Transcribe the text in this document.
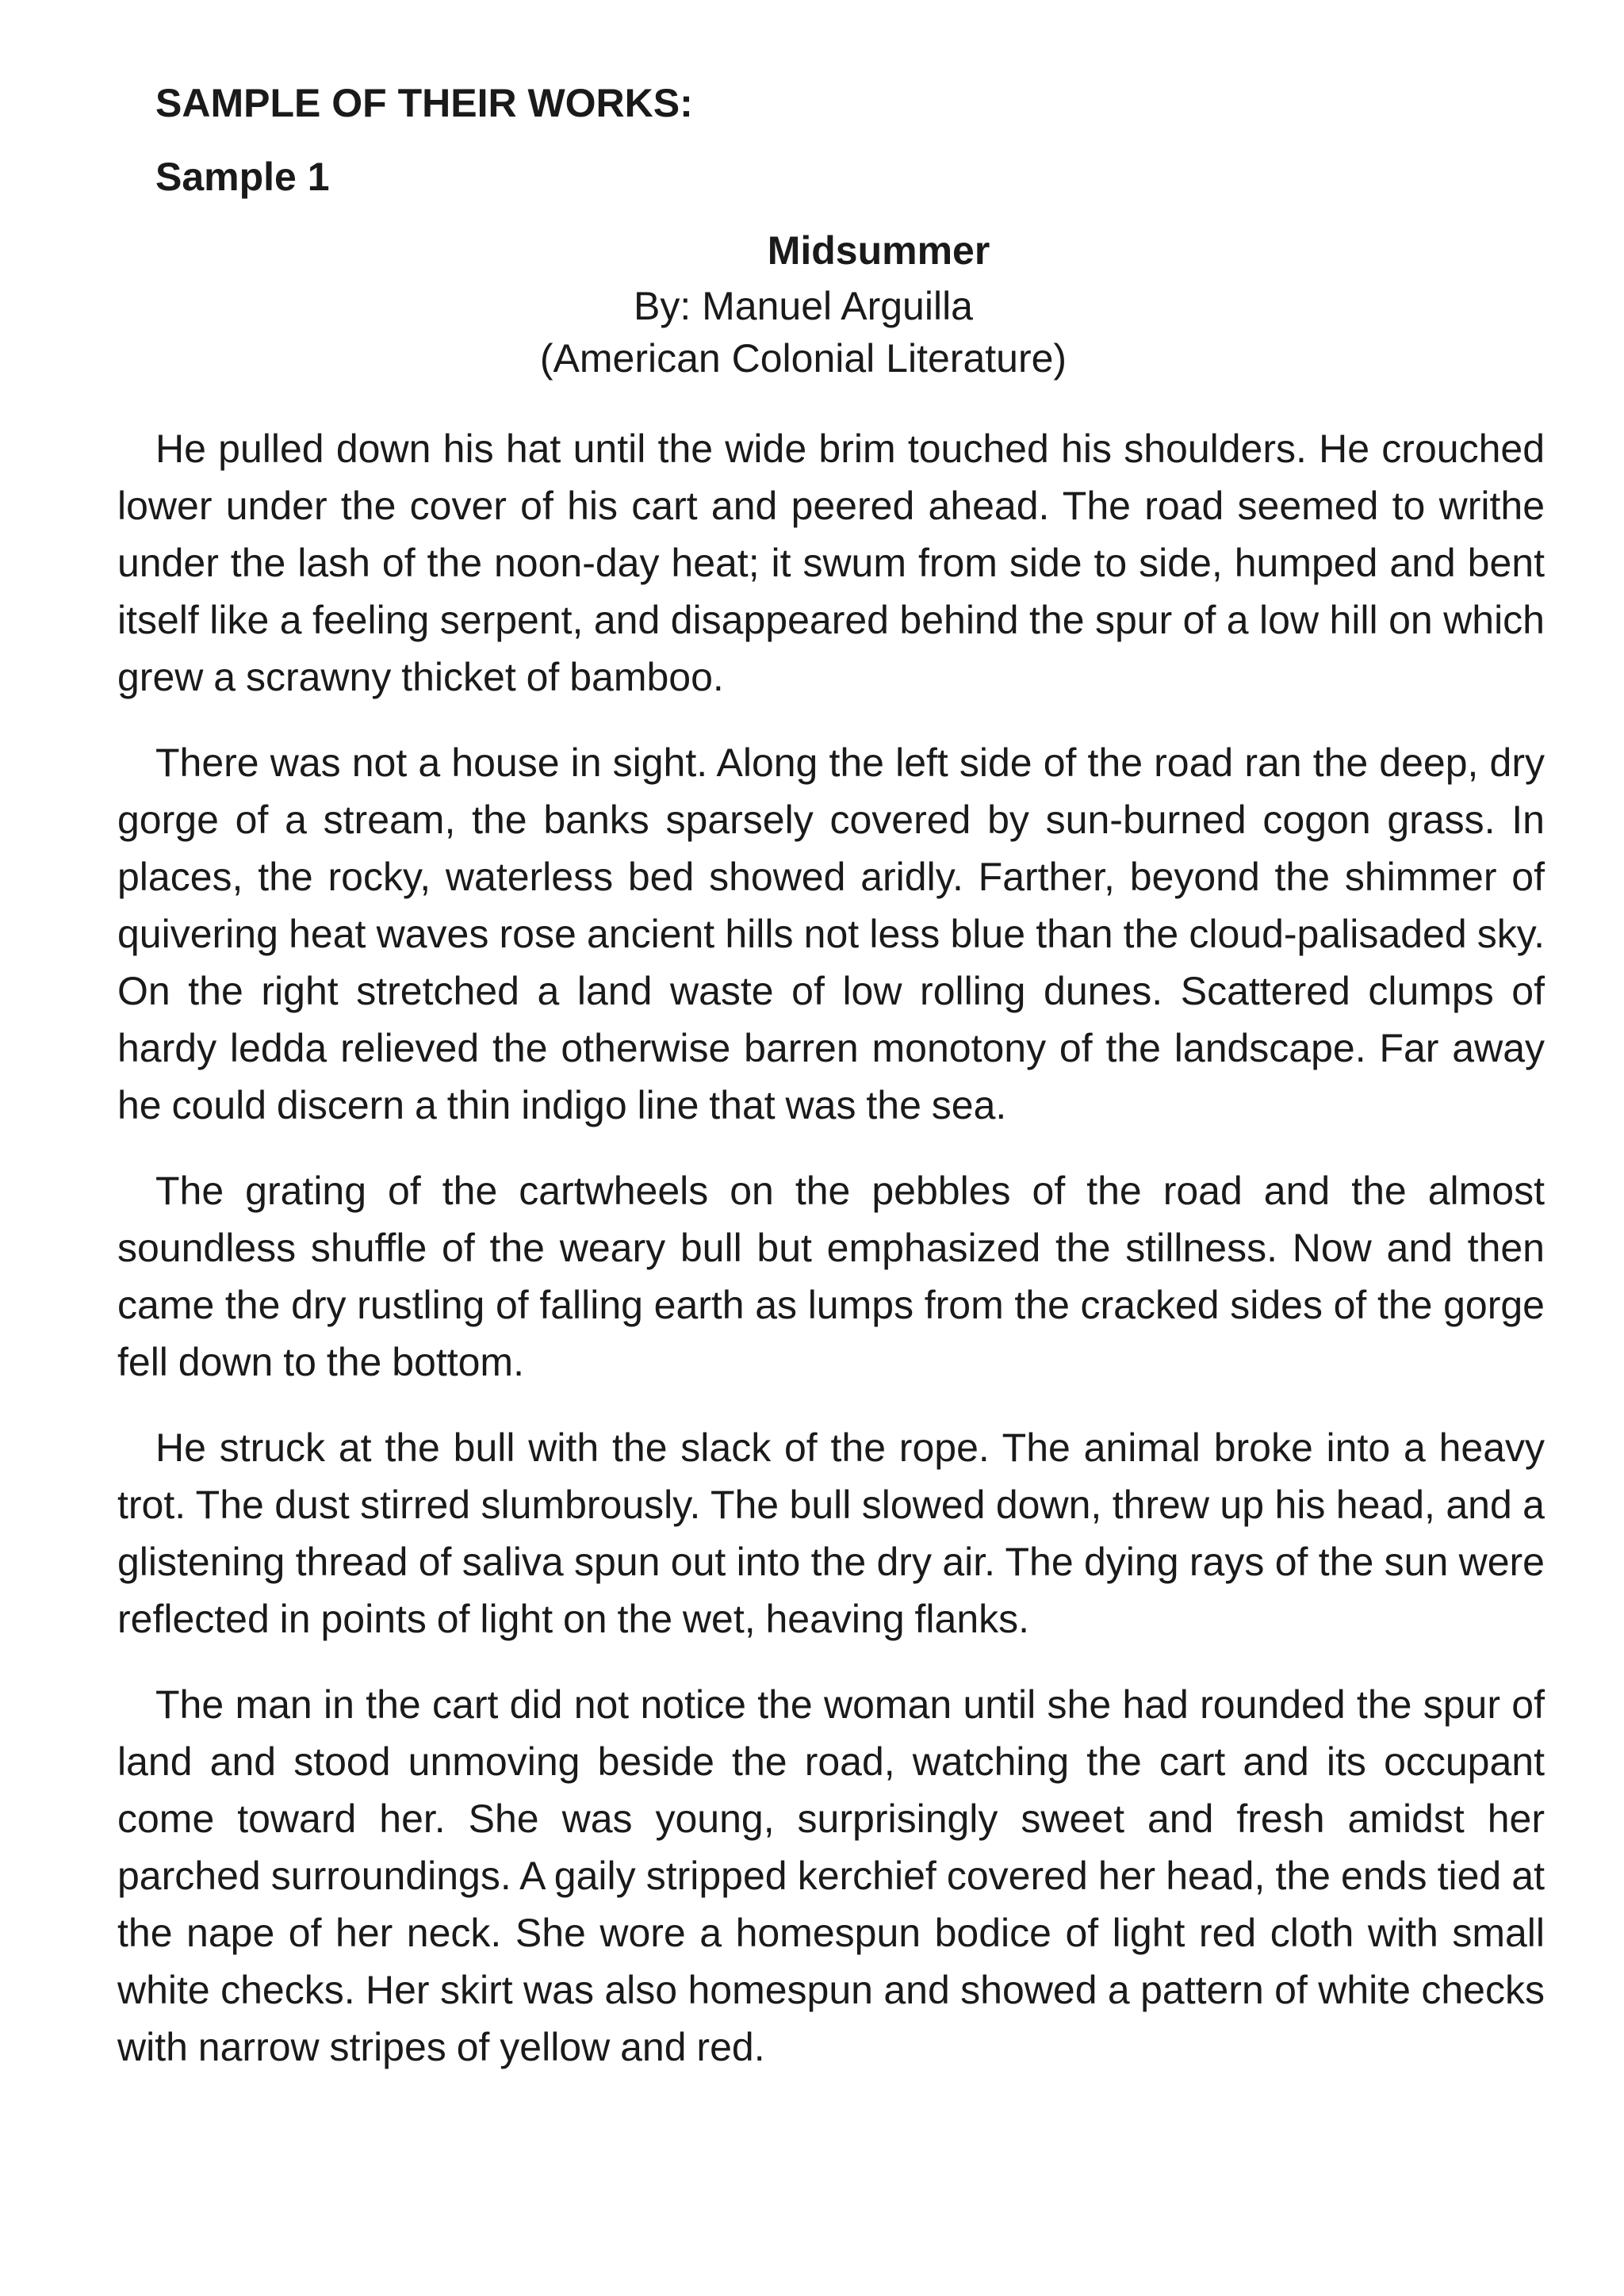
SAMPLE OF THEIR WORKS:
Sample 1
Midsummer
By: Manuel Arguilla
(American Colonial Literature)

He pulled down his hat until the wide brim touched his shoulders. He crouched lower under the cover of his cart and peered ahead. The road seemed to writhe under the lash of the noon-day heat; it swum from side to side, humped and bent itself like a feeling serpent, and disappeared behind the spur of a low hill on which grew a scrawny thicket of bamboo.

There was not a house in sight. Along the left side of the road ran the deep, dry gorge of a stream, the banks sparsely covered by sun-burned cogon grass. In places, the rocky, waterless bed showed aridly. Farther, beyond the shimmer of quivering heat waves rose ancient hills not less blue than the cloud-palisaded sky. On the right stretched a land waste of low rolling dunes. Scattered clumps of hardy ledda relieved the otherwise barren monotony of the landscape. Far away he could discern a thin indigo line that was the sea.

The grating of the cartwheels on the pebbles of the road and the almost soundless shuffle of the weary bull but emphasized the stillness. Now and then came the dry rustling of falling earth as lumps from the cracked sides of the gorge fell down to the bottom.

He struck at the bull with the slack of the rope. The animal broke into a heavy trot. The dust stirred slumbrously. The bull slowed down, threw up his head, and a glistening thread of saliva spun out into the dry air. The dying rays of the sun were reflected in points of light on the wet, heaving flanks.

The man in the cart did not notice the woman until she had rounded the spur of land and stood unmoving beside the road, watching the cart and its occupant come toward her. She was young, surprisingly sweet and fresh amidst her parched surroundings. A gaily stripped kerchief covered her head, the ends tied at the nape of her neck. She wore a homespun bodice of light red cloth with small white checks. Her skirt was also homespun and showed a pattern of white checks with narrow stripes of yellow and red.
